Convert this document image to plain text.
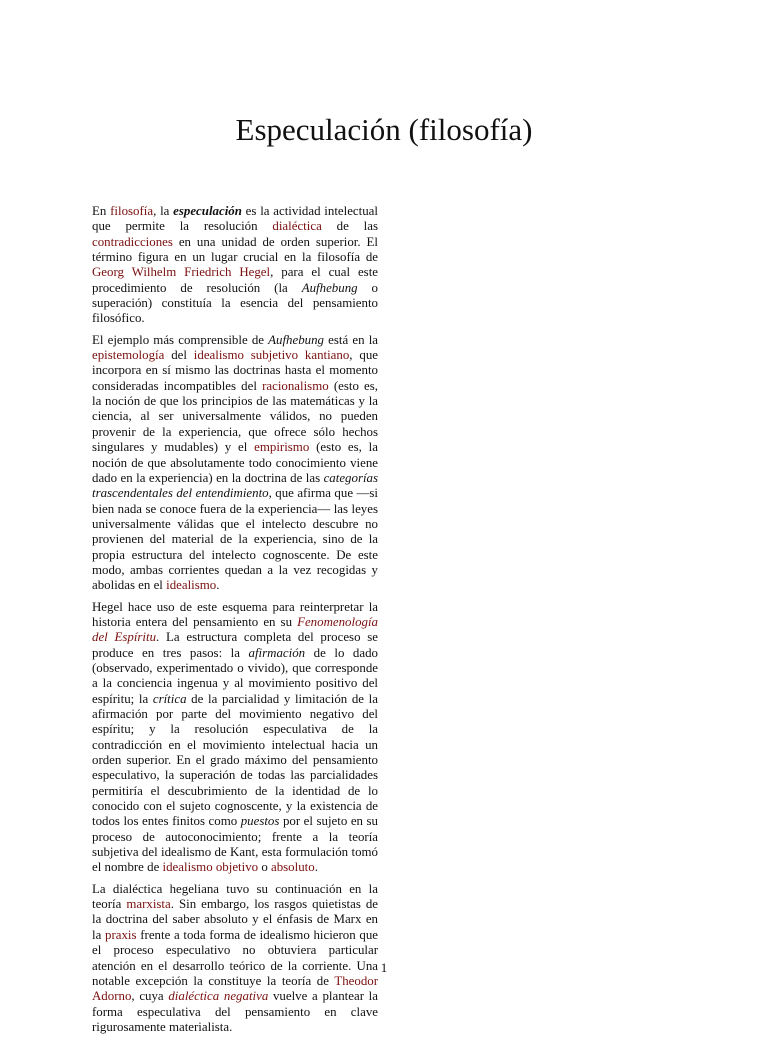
Especulación (filosofía)

En filosofía, la especulación es la actividad intelectual que permite la resolución dialéctica de las contradicciones en una unidad de orden superior. El término figura en un lugar crucial en la filosofía de Georg Wilhelm Friedrich Hegel, para el cual este procedimiento de resolución (la Aufhebung o superación) constituía la esencia del pensamiento filosófico.

El ejemplo más comprensible de Aufhebung está en la epistemología del idealismo subjetivo kantiano, que incorpora en sí mismo las doctrinas hasta el momento consideradas incompatibles del racionalismo (esto es, la noción de que los principios de las matemáticas y la ciencia, al ser universalmente válidos, no pueden provenir de la experiencia, que ofrece sólo hechos singulares y mudables) y el empirismo (esto es, la noción de que absolutamente todo conocimiento viene dado en la experiencia) en la doctrina de las categorías trascendentales del entendimiento, que afirma que —si bien nada se conoce fuera de la experiencia— las leyes universalmente válidas que el intelecto descubre no provienen del material de la experiencia, sino de la propia estructura del intelecto cognoscente. De este modo, ambas corrientes quedan a la vez recogidas y abolidas en el idealismo.

Hegel hace uso de este esquema para reinterpretar la historia entera del pensamiento en su Fenomenología del Espíritu. La estructura completa del proceso se produce en tres pasos: la afirmación de lo dado (observado, experimentado o vivido), que corresponde a la conciencia ingenua y al movimiento positivo del espíritu; la crítica de la parcialidad y limitación de la afirmación por parte del movimiento negativo del espíritu; y la resolución especulativa de la contradicción en el movimiento intelectual hacia un orden superior. En el grado máximo del pensamiento especulativo, la superación de todas las parcialidades permitiría el descubrimiento de la identidad de lo conocido con el sujeto cognoscente, y la existencia de todos los entes finitos como puestos por el sujeto en su proceso de autoconocimiento; frente a la teoría subjetiva del idealismo de Kant, esta formulación tomó el nombre de idealismo objetivo o absoluto.

La dialéctica hegeliana tuvo su continuación en la teoría marxista. Sin embargo, los rasgos quietistas de la doctrina del saber absoluto y el énfasis de Marx en la praxis frente a toda forma de idealismo hicieron que el proceso especulativo no obtuviera particular atención en el desarrollo teórico de la corriente. Una notable excepción la constituye la teoría de Theodor Adorno, cuya dialéctica negativa vuelve a plantear la forma especulativa del pensamiento en clave rigurosamente materialista.

1
